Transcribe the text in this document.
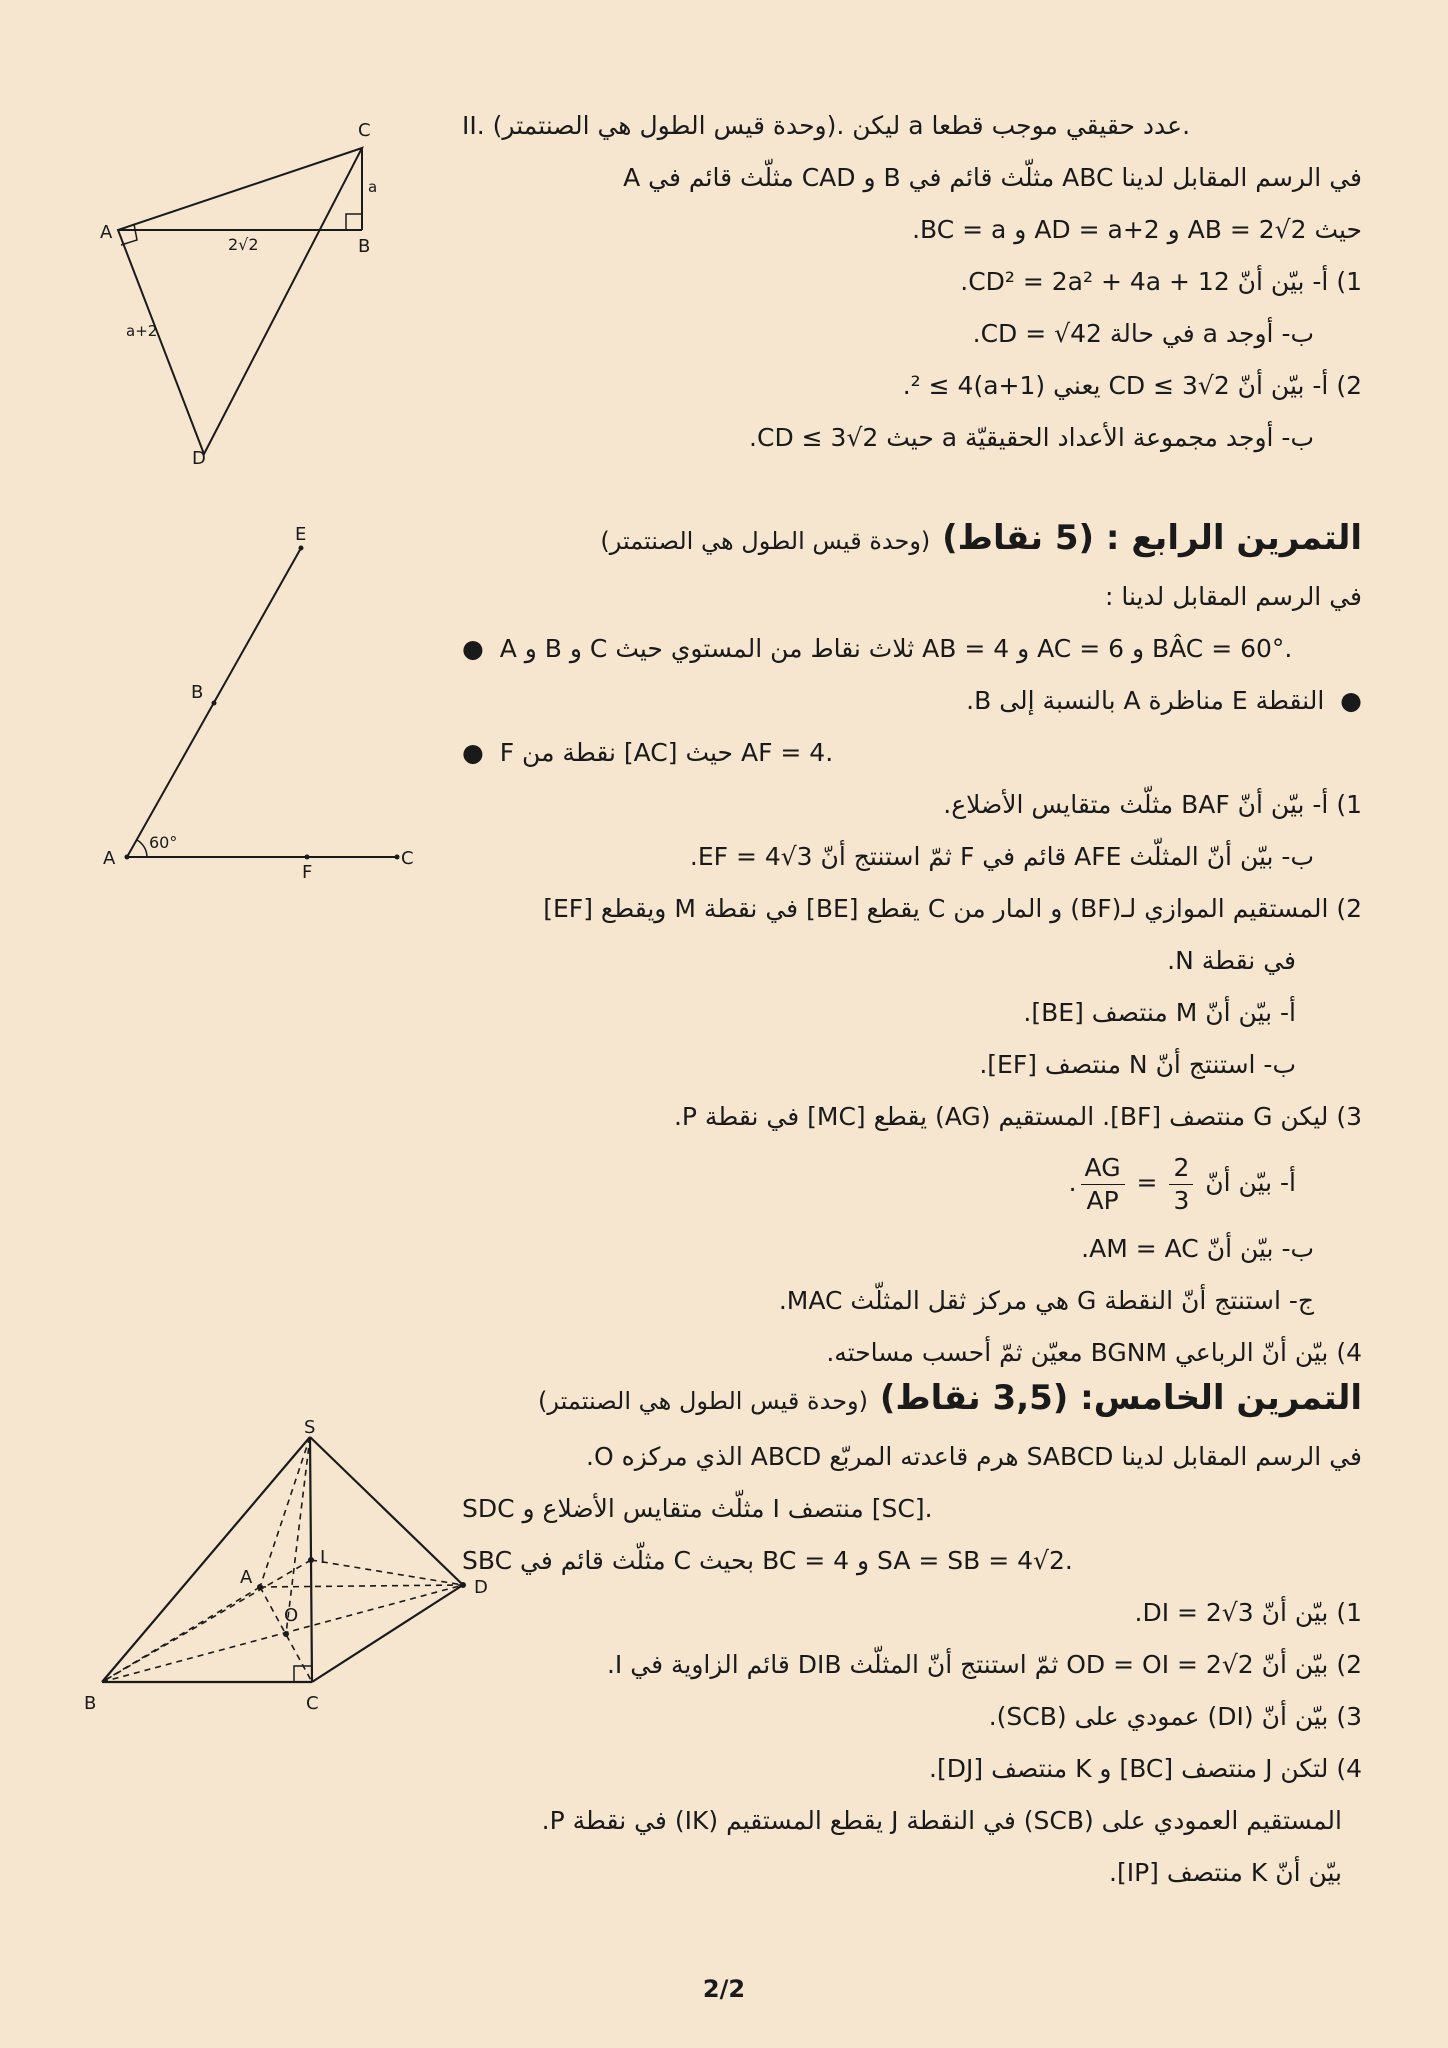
II. (وحدة قيس الطول هي الصنتمتر). ليكن a عدد حقيقي موجب قطعا.
في الرسم المقابل لدينا ABC مثلّث قائم في B و CAD مثلّث قائم في A
حيث AB = 2√2 و AD = a+2 و BC = a.
1) أ- بيّن أنّ CD² = 2a² + 4a + 12.
ب- أوجد a في حالة CD = √42.
2) أ- بيّن أنّ CD ≤ 3√2 يعني (a+1)² ≤ 4.
ب- أوجد مجموعة الأعداد الحقيقيّة a حيث CD ≤ 3√2.
التمرين الرابع : (5 نقاط) (وحدة قيس الطول هي الصنتمتر)
في الرسم المقابل لدينا :
●  A و B و C ثلاث نقاط من المستوي حيث AB = 4 و AC = 6 و BÂC = 60°.
●  النقطة E مناظرة A بالنسبة إلى B.
●  F نقطة من [AC] حيث AF = 4.
1) أ- بيّن أنّ BAF مثلّث متقايس الأضلاع.
ب- بيّن أنّ المثلّث AFE قائم في F ثمّ استنتج أنّ EF = 4√3.
2) المستقيم الموازي لـ(BF) و المار من C يقطع [BE] في نقطة M ويقطع [EF]
في نقطة N.
أ- بيّن أنّ M منتصف [BE].
ب- استنتج أنّ N منتصف [EF].
3) ليكن G منتصف [BF]. المستقيم (AG) يقطع [MC] في نقطة P.
أ- بيّن أنّ
$\frac{2}{3}$
=
$\frac{AG}{AP}$
.
ب- بيّن أنّ AM = AC.
ج- استنتج أنّ النقطة G هي مركز ثقل المثلّث MAC.
4) بيّن أنّ الرباعي BGNM معيّن ثمّ أحسب مساحته.
التمرين الخامس: (3,5 نقاط) (وحدة قيس الطول هي الصنتمتر)
في الرسم المقابل لدينا SABCD هرم قاعدته المربّع ABCD الذي مركزه O.
SDC مثلّث متقايس الأضلاع و I منتصف [SC].
SBC مثلّث قائم في C بحيث BC = 4 و SA = SB = 4√2.
1) بيّن أنّ DI = 2√3.
2) بيّن أنّ OD = OI = 2√2 ثمّ استنتج أنّ المثلّث DIB قائم الزاوية في I.
3) بيّن أنّ (DI) عمودي على (SCB).
4) لتكن J منتصف [BC] و K منتصف [DJ].
المستقيم العمودي على (SCB) في النقطة J يقطع المستقيم (IK) في نقطة P.
بيّن أنّ K منتصف [IP].
C
A
B
D
a
2√2
a+2
E
B
A
F
C
60°
S
A
I
D
O
B	C
2/2
